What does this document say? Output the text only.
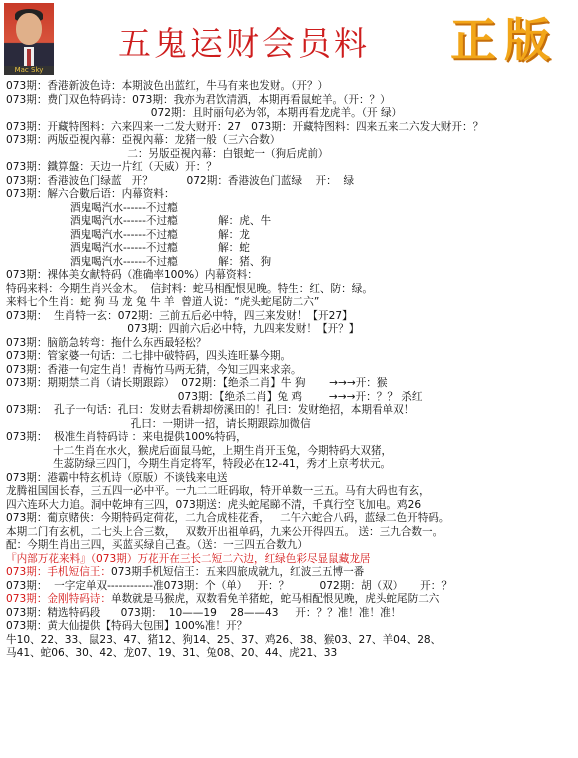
Mac Sky
五鬼运财会员料 正版
073期：香港新波色诗：本期波色出蓝红，牛马有来也发财。（开？）
073期：费门双色特码诗：073期：我亦为君饮清酒，本期再看鼠蛇羊。（开：？）
072期：且时丽句必为邻，本期再看龙虎羊。（开 绿）
073期：开藏特图料：六来四来一二发大财开：27   073期：开藏特图料：四来五来二六发大财开：？
073期：两版亞視內幕：亞視內幕：龙猪一般（三六合数）
二：另版亞視內幕：白银蛇一（狗后虎前）
073期：鐵算盤：天边一片红（天威）开：？
073期：香港波色门绿蓝   开？          072期：香港波色门蓝绿    开：  绿
073期：解六合數后语：内幕资料：
酒鬼喝汽水------不过瘾
酒鬼喝汽水------不过瘾            解：虎、牛
酒鬼喝汽水------不过瘾            解：龙
酒鬼喝汽水------不过瘾            解：蛇
酒鬼喝汽水------不过瘾            解：猪、狗
073期：裸体美女献特码（准确率100%）内幕资料：
特码来料：今期生肖兴金木。  信封料：蛇马相配恨见晚。特生：红、防：绿。
来料七个生肖：蛇 狗 马 龙 兔 牛 羊  曾道人说：“虎头蛇尾防二六”
073期：  生肖特一玄：072期：三前五后必中特，四三来发财！【开27】
073期：四前六后必中特，九四来发财！【开？】
073期：脑筋急转弯：拖什么东西最轻松？
073期：管家婆一句话：二七排中破特码，四头连旺暴今期。
073期：香港一句定生肖！青梅竹马两无猜，今知三四来求亲。
073期：期期禁二肖（请长期跟踪）  072期：【绝杀二肖】牛 狗       →→→开：猴
073期：【绝杀二肖】兔 鸡        →→→开：？？ 杀红
073期：  孔子一句话：孔曰：发财去看耕却傍溪田的！孔曰：发财绝招，本期看单双！
孔曰：一期讲一招，请长期跟踪加微信
073期：  极准生肖特码诗 ：来电提供100%特码，
十二生肖在水火，猴虎后面鼠马蛇，上期生肖开玉兔，今期特码大双猪，
生蕊防绿三四门，今期生肖定将军，特段必在12-41，秀才上京考状元。
073期：港霸中特玄机诗（原版）不谈钱来电送
龙腾祖国国长春，三五四一必中平。一九二二旺码取，特开单数一三五。马有大码也有玄，
四六连环大力追。洞中乾坤有三四，073期送：虎头蛇尾睇不清，千真行空飞加电。鸡26
073期：葡京赌侠：今期特码定荷花，二九合成桂花香，   二午六蛇合八码，蓝绿二色开特码。
本期二门有玄机，二七头上合三数，   双数开出祖单码，九来公开得四五。 送：三九合数一。
配：今期生肖出三四，买蓝买绿自己查。（送：一三四五合数九）
『内部万花来料』（073期）万花开在三长二短二六边，红绿色彩尽显鼠藏龙居
073期：手机短信王：073期手机短信王：五来四旅成就九，红波三五博一番
073期：  一字定单双------------准073期：个（单）   开：？         072期：胡（双）     开：？
073期：金刚特码诗：单数就是马猴虎，双数看免羊猪蛇，蛇马相配恨见晚，虎头蛇尾防二六
073期：精选特码段      073期：  10——19    28——43     开：？？准！准！准！
073期：黄大仙提供【特码大包围】100%准！开？
牛10、22、33、鼠23、47、猪12、狗14、25、37、鸡26、38、猴03、27、羊04、28、
马41、蛇06、30、42、龙07、19、31、兔08、20、44、虎21、33
